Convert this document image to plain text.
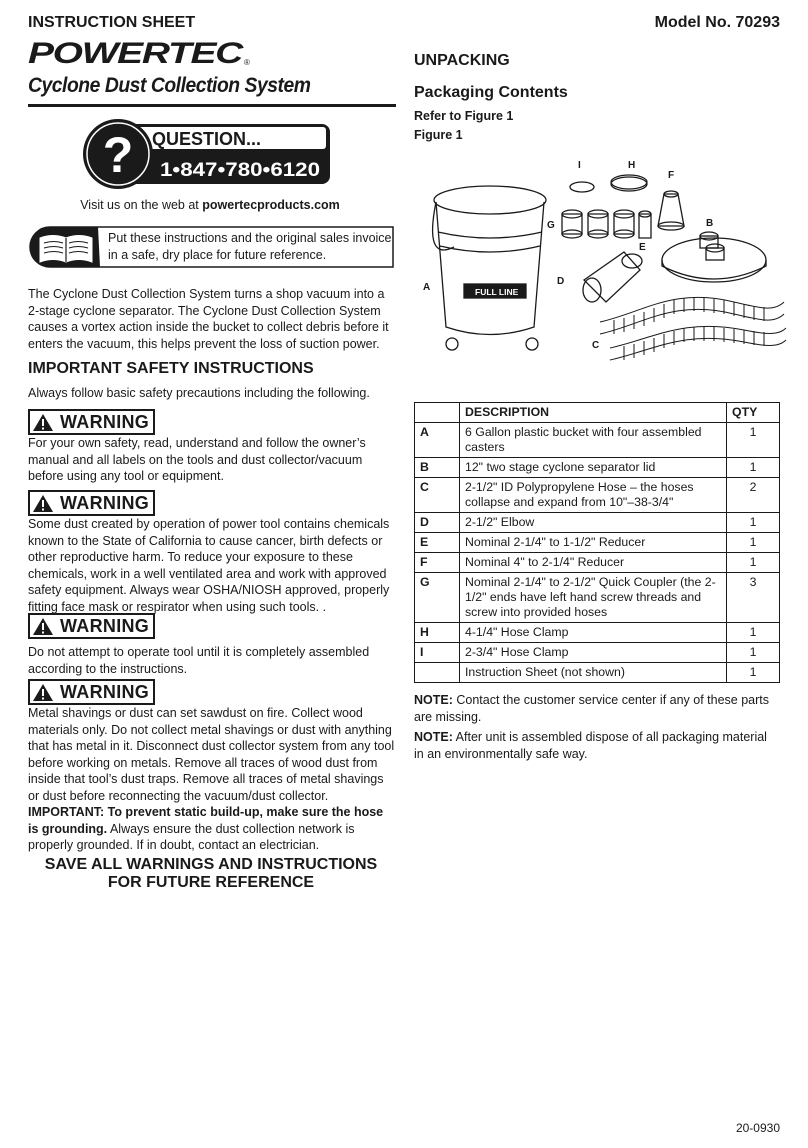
INSTRUCTION SHEET	Model No. 70293
POWERTEC
®
Cyclone Dust Collection System
? QUESTION...
1•847•780•6120
Visit us on the web at powertecproducts.com
Put these instructions and the original sales invoice in a safe, dry place for future reference.
The Cyclone Dust Collection System turns a shop vacuum into a 2-stage cyclone separator. The Cyclone Dust Collection System causes a vortex action inside the bucket to collect debris before it enters the vacuum, this helps prevent the loss of suction power.
IMPORTANT SAFETY INSTRUCTIONS
Always follow basic safety precautions including the following.
WARNING
For your own safety, read, understand and follow the owner’s manual and all labels on the tools and dust collector/vacuum before using any tool or equipment.
WARNING
Some dust created by operation of power tool contains chemicals known to the State of California to cause cancer, birth defects or other reproductive harm. To reduce your exposure to these chemicals, work in a well ventilated area and work with approved safety equipment. Always wear OSHA/NIOSH approved, properly fitting face mask or respirator when using such tools. .
WARNING
Do not attempt to operate tool until it is completely assembled according to the instructions.
WARNING
Metal shavings or dust can set sawdust on fire. Collect wood materials only. Do not collect metal shavings or dust with anything that has metal in it. Disconnect dust collector system from any tool before working on metals. Remove all traces of wood dust from inside that tool’s dust traps. Remove all traces of metal shavings or dust before reconnecting the vacuum/dust collector.
IMPORTANT: To prevent static build-up, make sure the hose is grounding. Always ensure the dust collection network is properly grounded. If in doubt, contact an electrician.
SAVE ALL WARNINGS AND INSTRUCTIONS
FOR FUTURE REFERENCE
UNPACKING
Packaging Contents
Refer to Figure 1
Figure 1
A
B
C
D
E
F
G
H
I
FULL LINE
	DESCRIPTION	QTY
A	6 Gallon plastic bucket with four assembled casters	1
B	12" two stage cyclone separator lid	1
C	2-1/2" ID Polypropylene Hose – the hoses collapse and expand from 10"–38-3/4"	2
D	2-1/2" Elbow	1
E	Nominal 2-1/4" to 1-1/2" Reducer	1
F	Nominal 4" to 2-1/4" Reducer	1
G	Nominal 2-1/4" to 2-1/2" Quick Coupler (the 2-1/2" ends have left hand screw threads and screw into provided hoses	3
H	4-1/4" Hose Clamp	1
I	2-3/4" Hose Clamp	1
	Instruction Sheet (not shown)	1
NOTE: Contact the customer service center if any of these parts are missing.
NOTE: After unit is assembled dispose of all packaging material in an environmentally safe way.
20-0930
